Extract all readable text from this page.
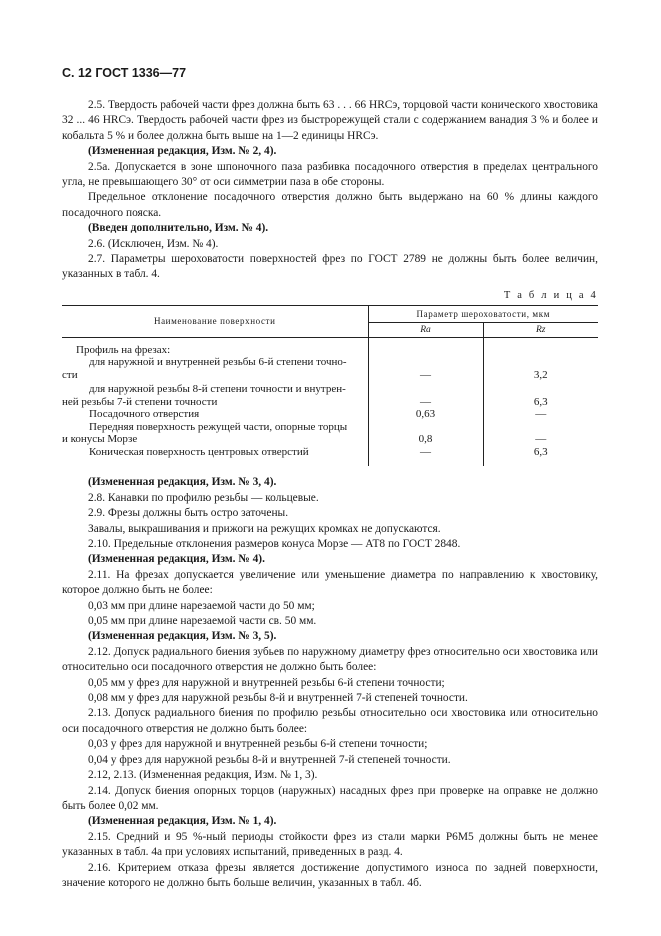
С. 12 ГОСТ 1336—77

2.5. Твердость рабочей части фрез должна быть 63 . . . 66 HRCэ, торцовой части конического хвостовика 32 ... 46 HRCэ. Твердость рабочей части фрез из быстрорежущей стали с содержанием ванадия 3 % и более и кобальта 5 % и более должна быть выше на 1—2 единицы HRCэ.

(Измененная редакция, Изм. № 2, 4).

2.5а. Допускается в зоне шпоночного паза разбивка посадочного отверстия в пределах центрального угла, не превышающего 30° от оси симметрии паза в обе стороны.

Предельное отклонение посадочного отверстия должно быть выдержано на 60 % длины каждого посадочного пояска.

(Введен дополнительно, Изм. № 4).

2.6. (Исключен, Изм. № 4).

2.7. Параметры шероховатости поверхностей фрез по ГОСТ 2789 не должны быть более величин, указанных в табл. 4.

Т а б л и ц а 4
Наименование поверхности	Параметр шероховатости, мкм	
	Ra	Rz
Профиль на фрезах:		
для наружной и внутренней резьбы 6-й степени точно-		
сти	—	3,2
для наружной резьбы 8-й степени точности и внутрен-		
ней резьбы 7-й степени точности	—	6,3
Посадочного отверстия	0,63	—
Передняя поверхность режущей части, опорные торцы		
и конусы Морзе	0,8	—
Коническая поверхность центровых отверстий	—	6,3

(Измененная редакция, Изм. № 3, 4).

2.8. Канавки по профилю резьбы — кольцевые.

2.9. Фрезы должны быть остро заточены.

Завалы, выкрашивания и прижоги на режущих кромках не допускаются.

2.10. Предельные отклонения размеров конуса Морзе — АТ8 по ГОСТ 2848.

(Измененная редакция, Изм. № 4).

2.11. На фрезах допускается увеличение или уменьшение диаметра по направлению к хвостовику, которое должно быть не более:

0,03 мм при длине нарезаемой части до 50 мм;

0,05 мм при длине нарезаемой части св. 50 мм.

(Измененная редакция, Изм. № 3, 5).

2.12. Допуск радиального биения зубьев по наружному диаметру фрез относительно оси хвостовика или относительно оси посадочного отверстия не должно быть более:

0,05 мм у фрез для наружной и внутренней резьбы 6-й степени точности;

0,08 мм у фрез для наружной резьбы 8-й и внутренней 7-й степеней точности.

2.13. Допуск радиального биения по профилю резьбы относительно оси хвостовика или относительно оси посадочного отверстия не должно быть более:

0,03 у фрез для наружной и внутренней резьбы 6-й степени точности;

0,04 у фрез для наружной резьбы 8-й и внутренней 7-й степеней точности.

2.12, 2.13. (Измененная редакция, Изм. № 1, 3).

2.14. Допуск биения опорных торцов (наружных) насадных фрез при проверке на оправке не должно быть более 0,02 мм.

(Измененная редакция, Изм. № 1, 4).

2.15. Средний и 95 %-ный периоды стойкости фрез из стали марки Р6М5 должны быть не менее указанных в табл. 4а при условиях испытаний, приведенных в разд. 4.

2.16. Критерием отказа фрезы является достижение допустимого износа по задней поверхности, значение которого не должно быть больше величин, указанных в табл. 4б.
